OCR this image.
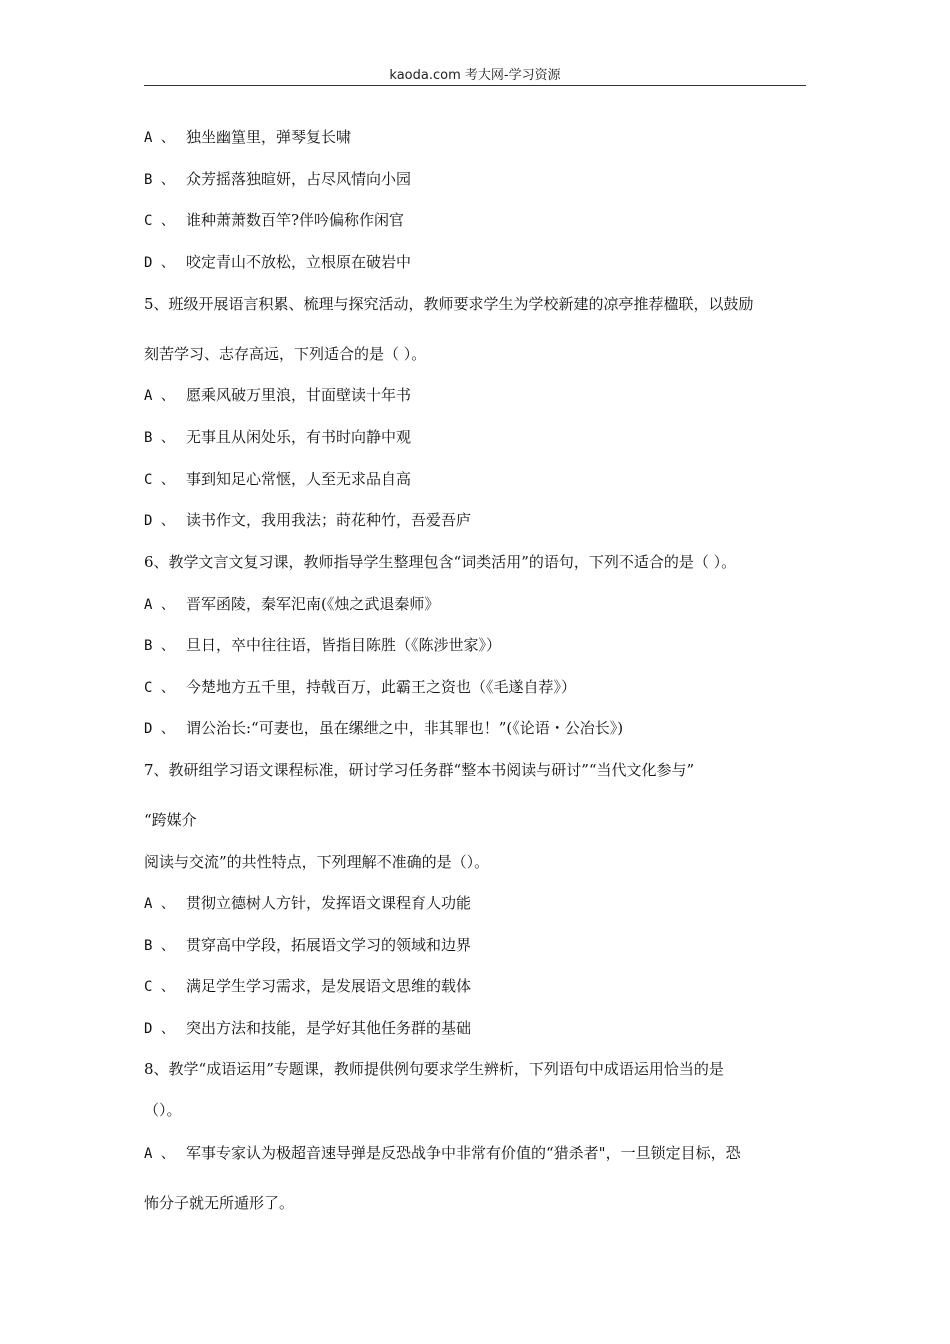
kaoda.com 考大网-学习资源
A 、 独坐幽篁里，弹琴复长啸
B 、 众芳摇落独暄妍，占尽风情向小园
C 、 谁种萧萧数百竿?伴吟偏称作闲官
D 、 咬定青山不放松，立根原在破岩中
5、班级开展语言积累、梳理与探究活动，教师要求学生为学校新建的凉亭推荐楹联，以鼓励
刻苦学习、志存高远，下列适合的是（ ）。
A 、 愿乘风破万里浪，甘面壁读十年书
B 、 无事且从闲处乐，有书时向静中观
C 、 事到知足心常惬，人至无求品自高
D 、 读书作文，我用我法；莳花种竹，吾爱吾庐
6、教学文言文复习课，教师指导学生整理包含“词类活用”的语句，下列不适合的是（ ）。
A 、 晋军函陵，秦军汜南(《烛之武退秦师》
B 、 旦日，卒中往往语，皆指目陈胜（《陈涉世家》）
C 、 今楚地方五千里，持戟百万，此霸王之资也（《毛遂自荐》）
D 、 谓公治长:“可妻也，虽在缧绁之中，非其罪也！”(《论语・公冶长》)
7、教研组学习语文课程标准，研讨学习任务群“整本书阅读与研讨”“当代文化参与”
“跨媒介
阅读与交流”的共性特点，下列理解不准确的是（）。
A 、 贯彻立德树人方针，发挥语文课程育人功能
B 、 贯穿高中学段，拓展语文学习的领域和边界
C 、 满足学生学习需求，是发展语文思维的载体
D 、 突出方法和技能，是学好其他任务群的基础
8、教学“成语运用”专题课，教师提供例句要求学生辨析，下列语句中成语运用恰当的是
（）。
A 、 军事专家认为极超音速导弹是反恐战争中非常有价值的“猎杀者"，一旦锁定目标，恐
怖分子就无所遁形了。
